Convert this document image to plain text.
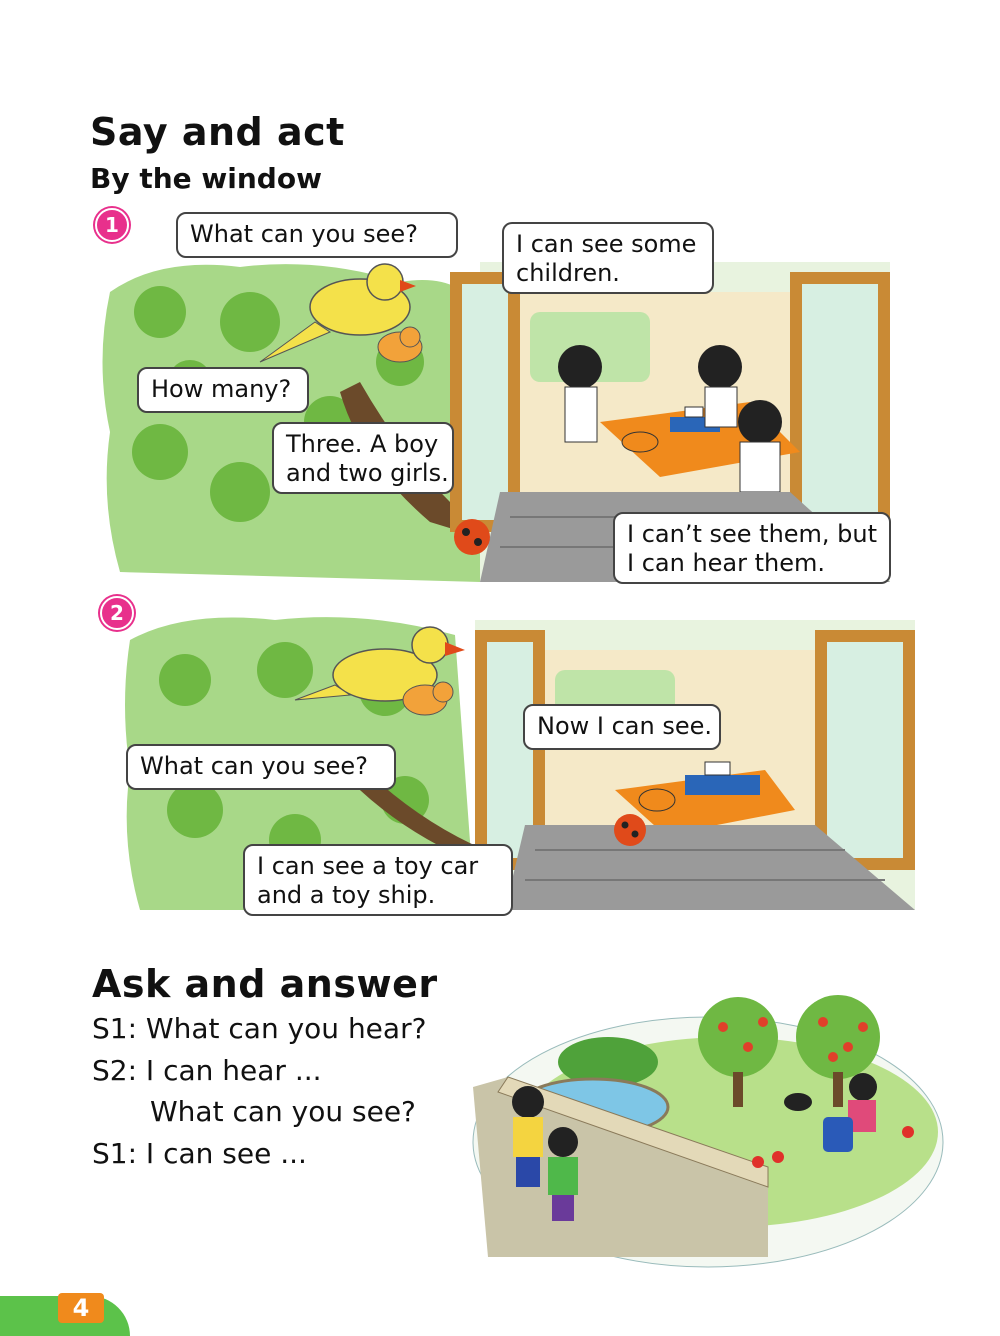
Say and act
By the window
1	What can you see?	I can see some
children.
How many?
Three. A boy
and two girls.
I can’t see them, but
I can hear them.
2
Now I can see.
What can you see?
I can see a toy car
and a toy ship.
Ask and answer
S1: What can you hear?
S2: I can hear ...
What can you see?
S1: I can see ...
4
